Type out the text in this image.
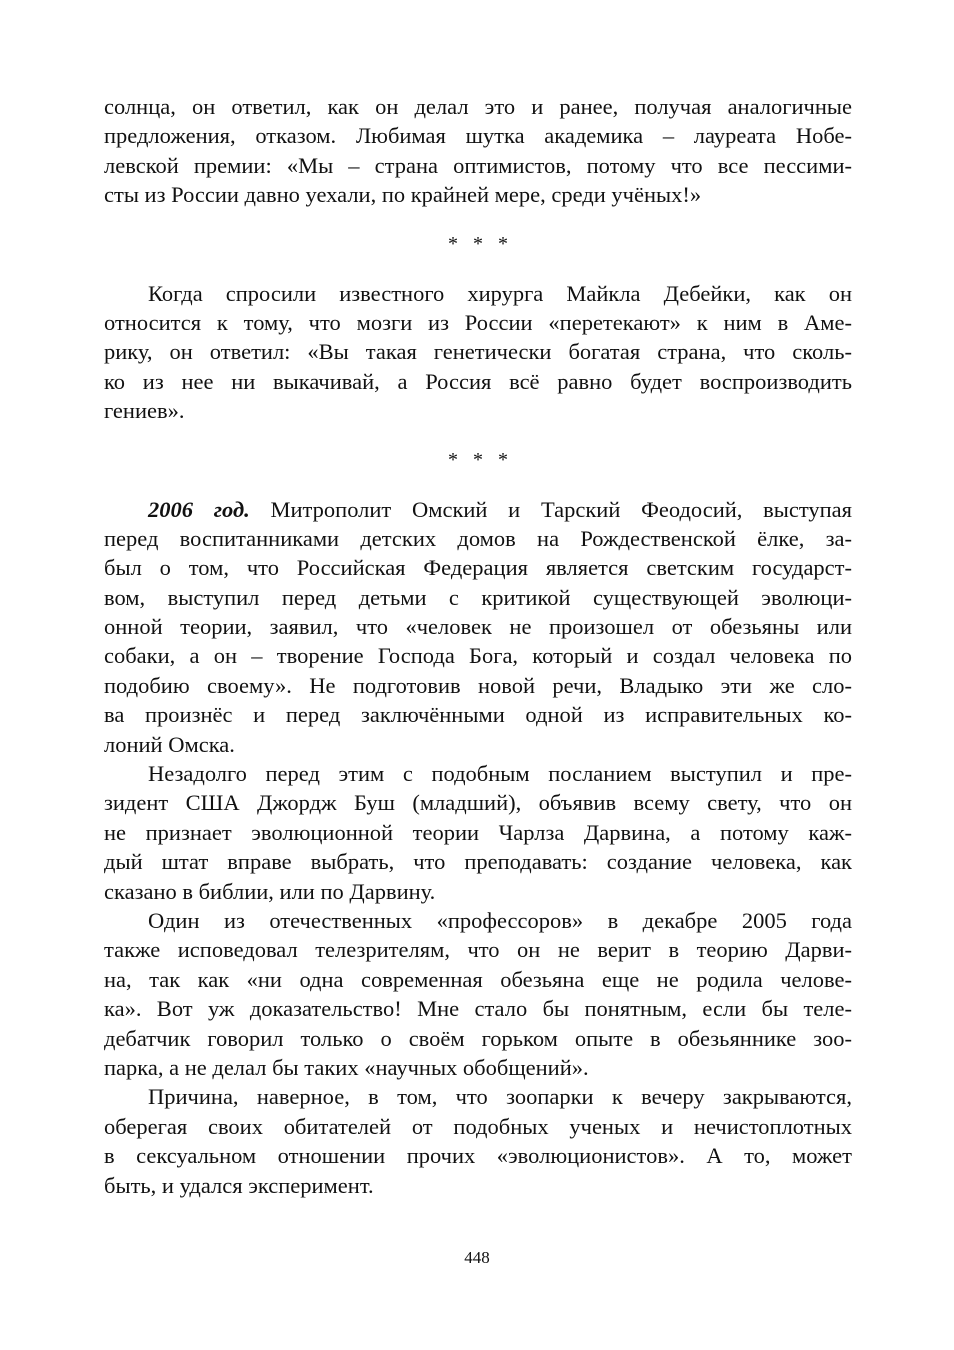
солнца, он ответил, как он делал это и ранее, получая аналогичные
предложения, отказом. Любимая шутка академика – лауреата Нобе-
левской премии: «Мы – страна оптимистов, потому что все пессими-
сты из России давно уехали, по крайней мере, среди учёных!»
* * *
Когда спросили известного хирурга Майкла Дебейки, как он
относится к тому, что мозги из России «перетекают» к ним в Аме-
рику, он ответил: «Вы такая генетически богатая страна, что сколь-
ко из нее ни выкачивай, а Россия всё равно будет воспроизводить
гениев».
* * *
2006 год. Митрополит Омский и Тарский Феодосий, выступая
перед воспитанниками детских домов на Рождественской ёлке, за-
был о том, что Российская Федерация является светским государст-
вом, выступил перед детьми с критикой существующей эволюци-
онной теории, заявил, что «человек не произошел от обезьяны или
собаки, а он – творение Господа Бога, который и создал человека по
подобию своему». Не подготовив новой речи, Владыко эти же сло-
ва произнёс и перед заключёнными одной из исправительных ко-
лоний Омска.
Незадолго перед этим с подобным посланием выступил и пре-
зидент США Джордж Буш (младший), объявив всему свету, что он
не признает эволюционной теории Чарлза Дарвина, а потому каж-
дый штат вправе выбрать, что преподавать: создание человека, как
сказано в библии, или по Дарвину.
Один из отечественных «профессоров» в декабре 2005 года
также исповедовал телезрителям, что он не верит в теорию Дарви-
на, так как «ни одна современная обезьяна еще не родила челове-
ка». Вот уж доказательство! Мне стало бы понятным, если бы теле-
дебатчик говорил только о своём горьком опыте в обезьяннике зоо-
парка, а не делал бы таких «научных обобщений».
Причина, наверное, в том, что зоопарки к вечеру закрываются,
оберегая своих обитателей от подобных ученых и нечистоплотных
в сексуальном отношении прочих «эволюционистов». А то, может
быть, и удался эксперимент.
448
